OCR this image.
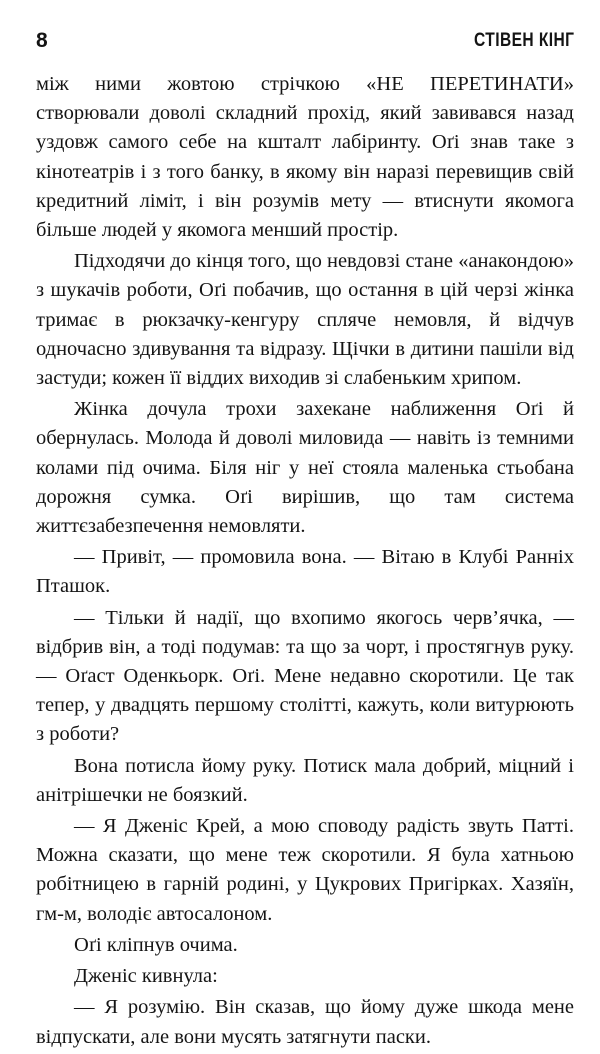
8	СТІВЕН КІНГ

між ними жовтою стрічкою «НЕ ПЕРЕТИНАТИ» створювали доволі складний прохід, який завивався назад уздовж самого себе на кшталт лабіринту. Оґі знав таке з кінотеатрів і з того банку, в якому він наразі перевищив свій кредитний ліміт, і він розумів мету — втиснути якомога більше людей у якомога менший простір.

Підходячи до кінця того, що невдовзі стане «анакондою» з шукачів роботи, Оґі побачив, що остання в цій черзі жінка тримає в рюкзачку-кенгуру спляче немовля, й відчув одночасно здивування та відразу. Щічки в дитини пашіли від застуди; кожен її віддих виходив зі слабеньким хрипом.

Жінка дочула трохи захекане наближення Оґі й обернулась. Молода й доволі миловида — навіть із темними колами під очима. Біля ніг у неї стояла маленька стьобана дорожня сумка. Оґі вирішив, що там система життєзабезпечення немовляти.

— Привіт, — промовила вона. — Вітаю в Клубі Ранніх Пташок.

— Тільки й надії, що вхопимо якогось черв’ячка, — відбрив він, а тоді подумав: та що за чорт, і простягнув руку. — Оґаст Оденкьорк. Оґі. Мене недавно скоротили. Це так тепер, у двадцять першому столітті, кажуть, коли витурюють з роботи?

Вона потисла йому руку. Потиск мала добрий, міцний і анітрішечки не боязкий.

— Я Дженіс Крей, а мою споводу радість звуть Патті. Можна сказати, що мене теж скоротили. Я була хатньою робітницею в гарній родині, у Цукрових Пригірках. Хазяїн, гм-м, володіє автосалоном.

Оґі кліпнув очима.

Дженіс кивнула:

— Я розумію. Він сказав, що йому дуже шкода мене відпускати, але вони мусять затягнути паски.
